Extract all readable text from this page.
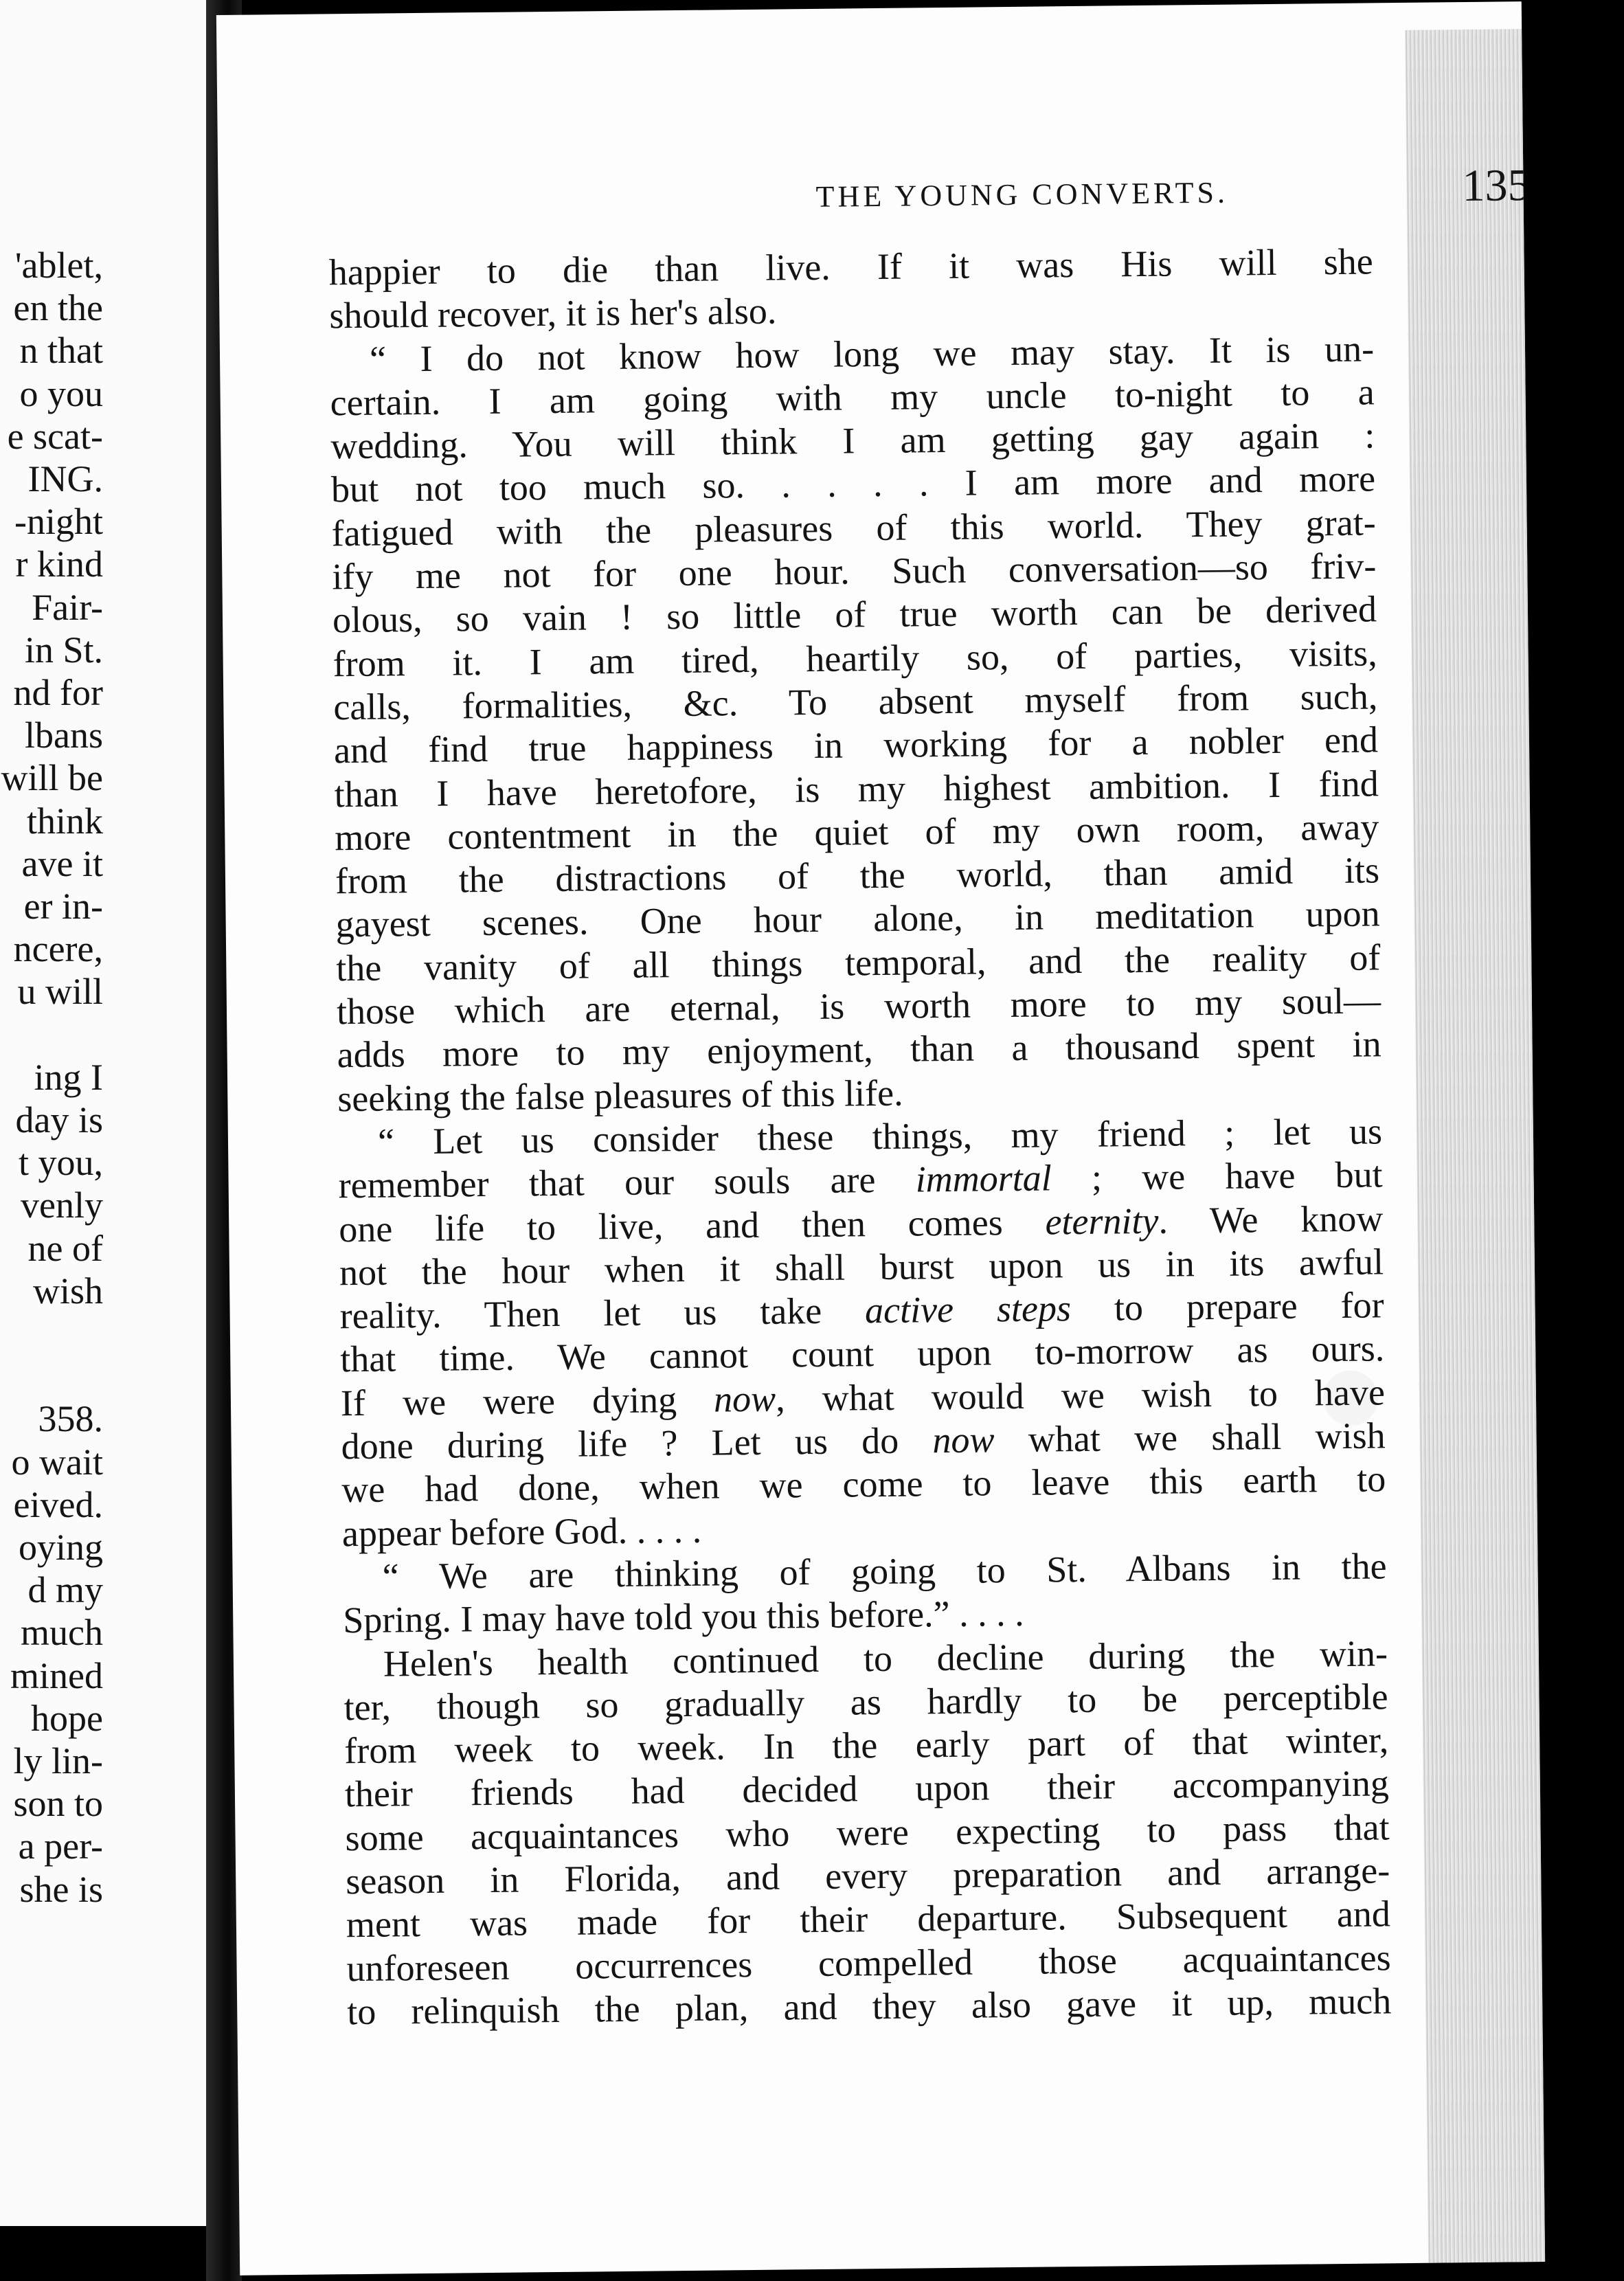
'ablet,
en the
n that
o you
e scat-
ING.
-night
r kind
Fair-
in St.
nd for
lbans
will be
think
ave it
er in-
ncere,
u will
ing I
day is
t you,
venly
ne of
wish
358.
o wait
eived.
oying
d my
much
mined
hope
ly lin-
son to
a per-
she is
THE YOUNG CONVERTS.	135
happier to die than live. If it was His will she
should recover, it is her's also.
“ I do not know how long we may stay. It is un-
certain. I am going with my uncle to-night to a
wedding. You will think I am getting gay again :
but not too much so. . . . . I am more and more
fatigued with the pleasures of this world. They grat-
ify me not for one hour. Such conversation—so friv-
olous, so vain ! so little of true worth can be derived
from it. I am tired, heartily so, of parties, visits,
calls, formalities, &c. To absent myself from such,
and find true happiness in working for a nobler end
than I have heretofore, is my highest ambition. I find
more contentment in the quiet of my own room, away
from the distractions of the world, than amid its
gayest scenes. One hour alone, in meditation upon
the vanity of all things temporal, and the reality of
those which are eternal, is worth more to my soul—
adds more to my enjoyment, than a thousand spent in
seeking the false pleasures of this life.
“ Let us consider these things, my friend ; let us
remember that our souls are immortal ; we have but
one life to live, and then comes eternity. We know
not the hour when it shall burst upon us in its awful
reality. Then let us take active steps to prepare for
that time. We cannot count upon to-morrow as ours.
If we were dying now, what would we wish to have
done during life ? Let us do now what we shall wish
we had done, when we come to leave this earth to
appear before God. . . . .
“ We are thinking of going to St. Albans in the
Spring. I may have told you this before.” . . . .
Helen's health continued to decline during the win-
ter, though so gradually as hardly to be perceptible
from week to week. In the early part of that winter,
their friends had decided upon their accompanying
some acquaintances who were expecting to pass that
season in Florida, and every preparation and arrange-
ment was made for their departure. Subsequent and
unforeseen occurrences compelled those acquaintances
to relinquish the plan, and they also gave it up, much
